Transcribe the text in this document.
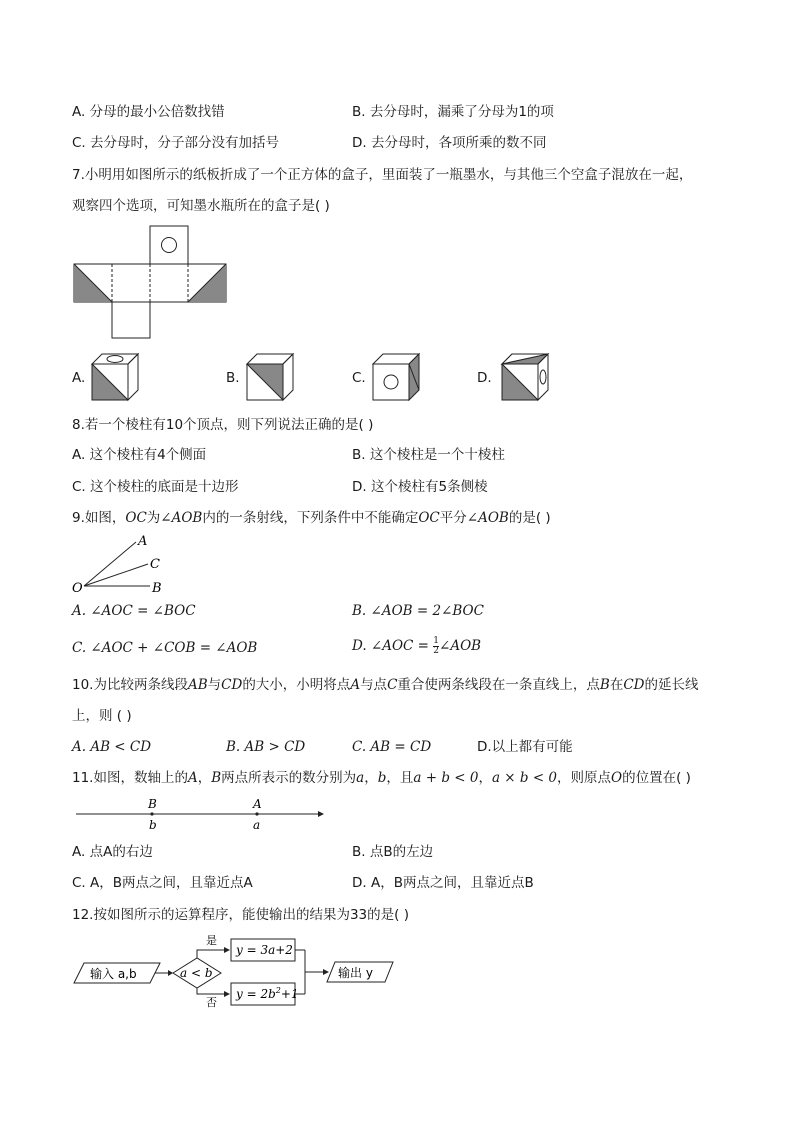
A. 分母的最小公倍数找错	B. 去分母时，漏乘了分母为1的项
C. 去分母时，分子部分没有加括号	D. 去分母时，各项所乘的数不同
7.小明用如图所示的纸板折成了一个正方体的盒子，里面装了一瓶墨水，与其他三个空盒子混放在一起，
观察四个选项，可知墨水瓶所在的盒子是( )
A.	B.	C.	D.
8.若一个棱柱有10个顶点，则下列说法正确的是( )
A. 这个棱柱有4个侧面	B. 这个棱柱是一个十棱柱
C. 这个棱柱的底面是十边形	D. 这个棱柱有5条侧棱
9.如图，OC为∠AOB内的一条射线，下列条件中不能确定OC平分∠AOB的是( )
A
C
O	B
A. ∠AOC = ∠BOC	B. ∠AOB = 2∠BOC
C. ∠AOC + ∠COB = ∠AOB	D. ∠AOC = $\frac{1}{2}$ ∠AOB
10.为比较两条线段AB与CD的大小，小明将点A与点C重合使两条线段在一条直线上，点B在CD的延长线
上，则 ( )
A. AB < CD	B. AB > CD	C. AB = CD	D.以上都有可能
11.如图，数轴上的A，B两点所表示的数分别为a，b，且a + b < 0，a × b < 0，则原点O的位置在( )
B
b
A
a
A. 点A的右边	B. 点B的左边
C. A，B两点之间，且靠近点A	D. A，B两点之间，且靠近点B
12.按如图所示的运算程序，能使输出的结果为33的是( )
输入 a,b	a < b
是
y = 3a+2
否
$y = 2b^2+1$
输出 y
